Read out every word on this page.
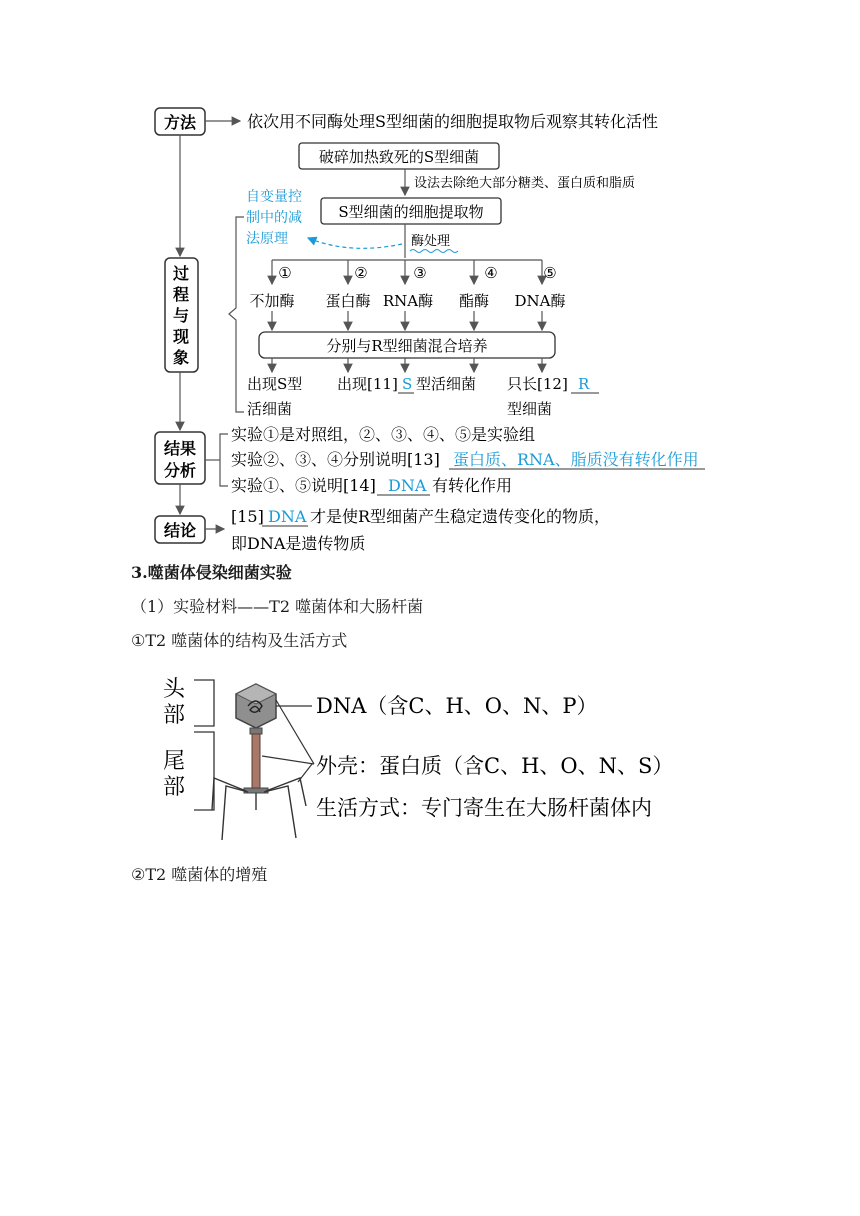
方法
过
程
与
现
象
结果
分析
结论
依次用不同酶处理S型细菌的细胞提取物后观察其转化活性
破碎加热致死的S型细菌
设法去除绝大部分糖类、蛋白质和脂质
S型细菌的细胞提取物
酶处理
自变量控
制中的减
法原理
①	②	③	④	⑤
不加酶 蛋白酶 RNA酶 酯酶 DNA酶
分别与R型细菌混合培养
出现S型
活细菌
出现[11] S 型活细菌 只长[12] R
型细菌
实验①是对照组，②、③、④、⑤是实验组
实验②、③、④分别说明[13] 蛋白质、RNA、脂质没有转化作用
实验①、⑤说明[14] DNA 有转化作用
[15] DNA 才是使R型细菌产生稳定遗传变化的物质，
即DNA是遗传物质
3.噬菌体侵染细菌实验
（1）实验材料——T2 噬菌体和大肠杆菌
①T2 噬菌体的结构及生活方式
头
部
尾
部
DNA（含C、H、O、N、P）
外壳：蛋白质（含C、H、O、N、S）
生活方式：专门寄生在大肠杆菌体内
②T2 噬菌体的增殖
